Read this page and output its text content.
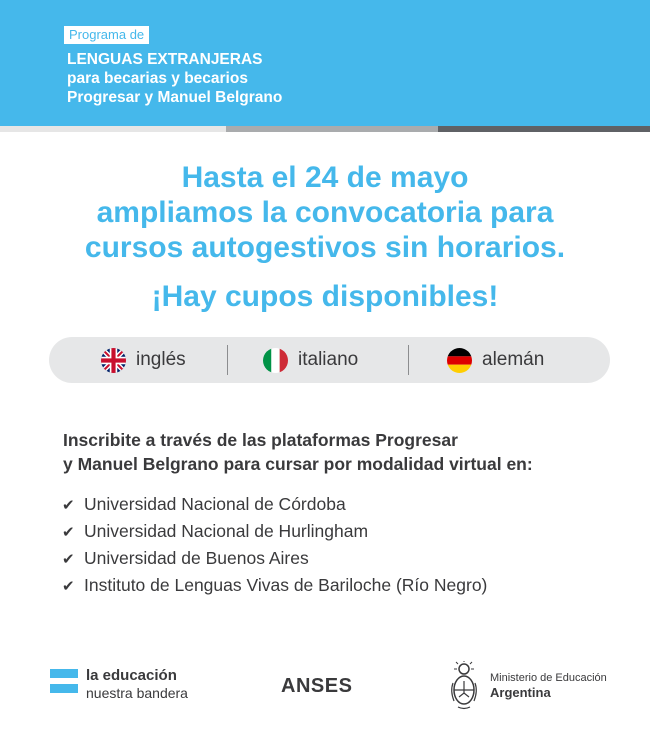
Programa de
LENGUAS EXTRANJERAS
para becarias y becarios
Progresar y Manuel Belgrano
Hasta el 24 de mayo
ampliamos la convocatoria para
cursos autogestivos sin horarios.
¡Hay cupos disponibles!
inglés	italiano	alemán
Inscribite a través de las plataformas Progresar
y Manuel Belgrano para cursar por modalidad virtual en:
✔ Universidad Nacional de Córdoba
✔ Universidad Nacional de Hurlingham
✔ Universidad de Buenos Aires
✔ Instituto de Lenguas Vivas de Bariloche (Río Negro)
la educación
nuestra bandera	ANSES	Ministerio de Educación
Argentina
